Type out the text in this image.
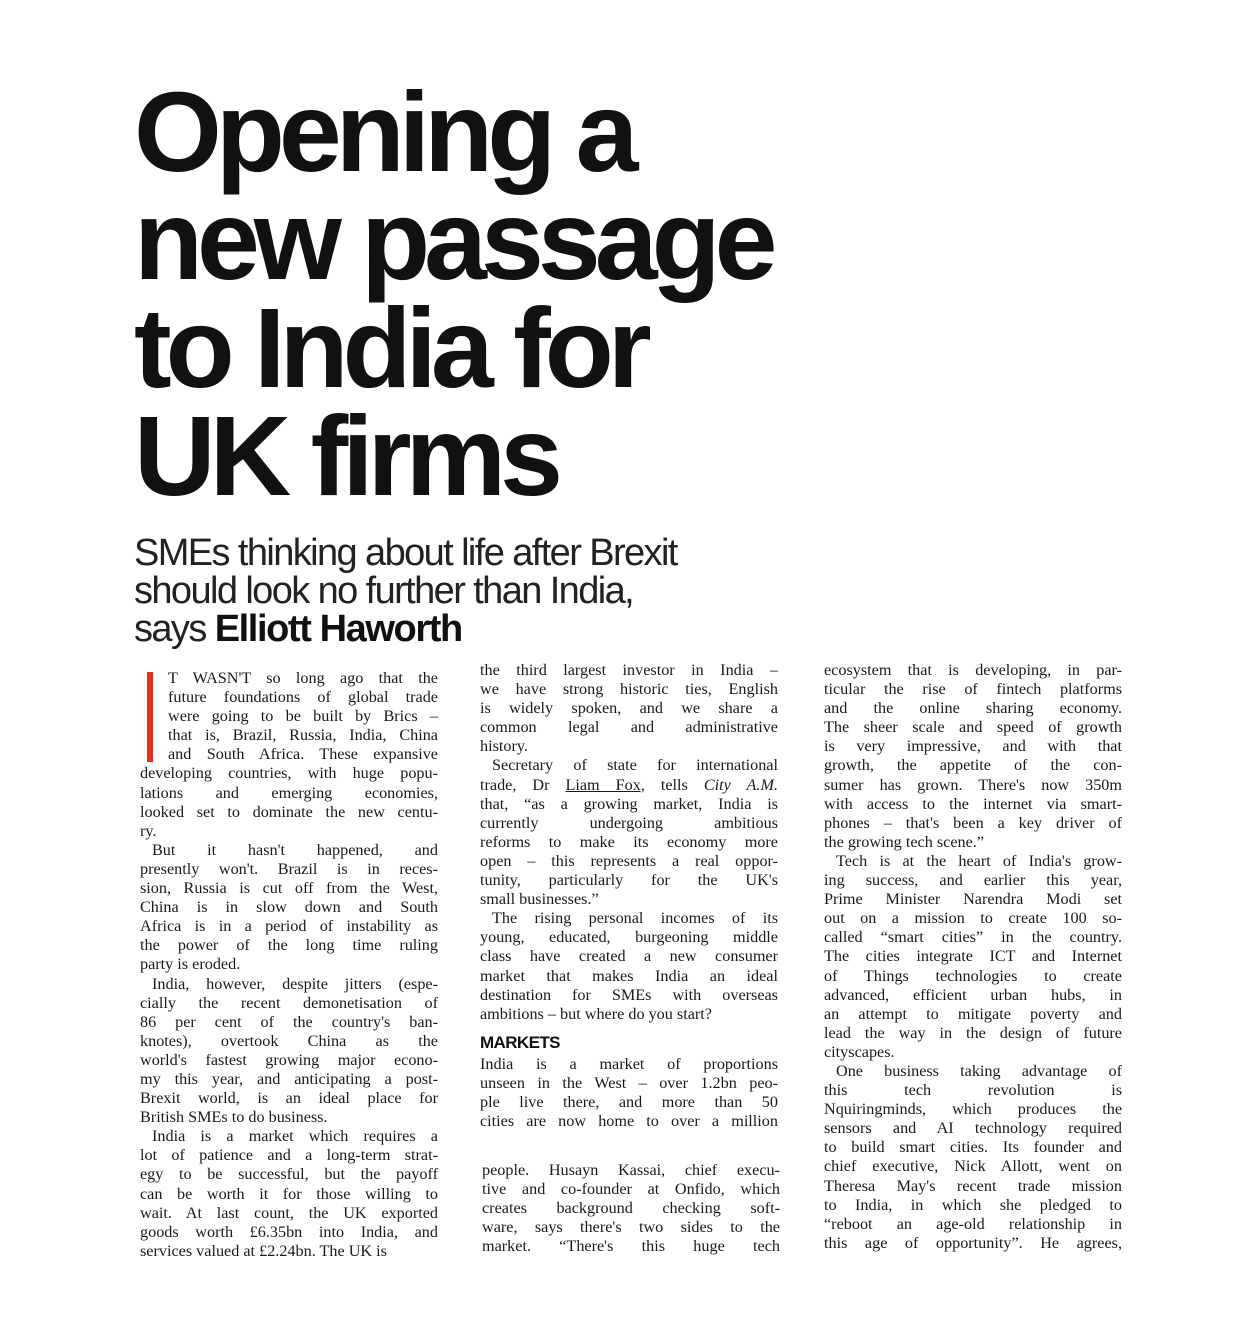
Opening a
new passage
to India for
UK firms

SMEs thinking about life after Brexit
should look no further than India,
says Elliott Haworth

T WASN'T so long ago that the
future foundations of global trade
were going to be built by Brics –
that is, Brazil, Russia, India, China
and South Africa. These expansive
developing countries, with huge popu-
lations and emerging economies,
looked set to dominate the new centu-
ry.
But it hasn't happened, and
presently won't. Brazil is in reces-
sion, Russia is cut off from the West,
China is in slow down and South
Africa is in a period of instability as
the power of the long time ruling
party is eroded.
India, however, despite jitters (espe-
cially the recent demonetisation of
86 per cent of the country's ban-
knotes), overtook China as the
world's fastest growing major econo-
my this year, and anticipating a post-
Brexit world, is an ideal place for
British SMEs to do business.
India is a market which requires a
lot of patience and a long-term strat-
egy to be successful, but the payoff
can be worth it for those willing to
wait. At last count, the UK exported
goods worth £6.35bn into India, and
services valued at £2.24bn. The UK is
the third largest investor in India –
we have strong historic ties, English
is widely spoken, and we share a
common legal and administrative
history.
Secretary of state for international
trade, Dr Liam Fox, tells City A.M.
that, “as a growing market, India is
currently undergoing ambitious
reforms to make its economy more
open – this represents a real oppor-
tunity, particularly for the UK's
small businesses.”
The rising personal incomes of its
young, educated, burgeoning middle
class have created a new consumer
market that makes India an ideal
destination for SMEs with overseas
ambitions – but where do you start?
MARKETS
India is a market of proportions
unseen in the West – over 1.2bn peo-
ple live there, and more than 50
cities are now home to over a million
people. Husayn Kassai, chief execu-
tive and co-founder at Onfido, which
creates background checking soft-
ware, says there's two sides to the
market. “There's this huge tech
ecosystem that is developing, in par-
ticular the rise of fintech platforms
and the online sharing economy.
The sheer scale and speed of growth
is very impressive, and with that
growth, the appetite of the con-
sumer has grown. There's now 350m
with access to the internet via smart-
phones – that's been a key driver of
the growing tech scene.”
Tech is at the heart of India's grow-
ing success, and earlier this year,
Prime Minister Narendra Modi set
out on a mission to create 100 so-
called “smart cities” in the country.
The cities integrate ICT and Internet
of Things technologies to create
advanced, efficient urban hubs, in
an attempt to mitigate poverty and
lead the way in the design of future
cityscapes.
One business taking advantage of
this tech revolution is
Nquiringminds, which produces the
sensors and AI technology required
to build smart cities. Its founder and
chief executive, Nick Allott, went on
Theresa May's recent trade mission
to India, in which she pledged to
“reboot an age-old relationship in
this age of opportunity”. He agrees,
